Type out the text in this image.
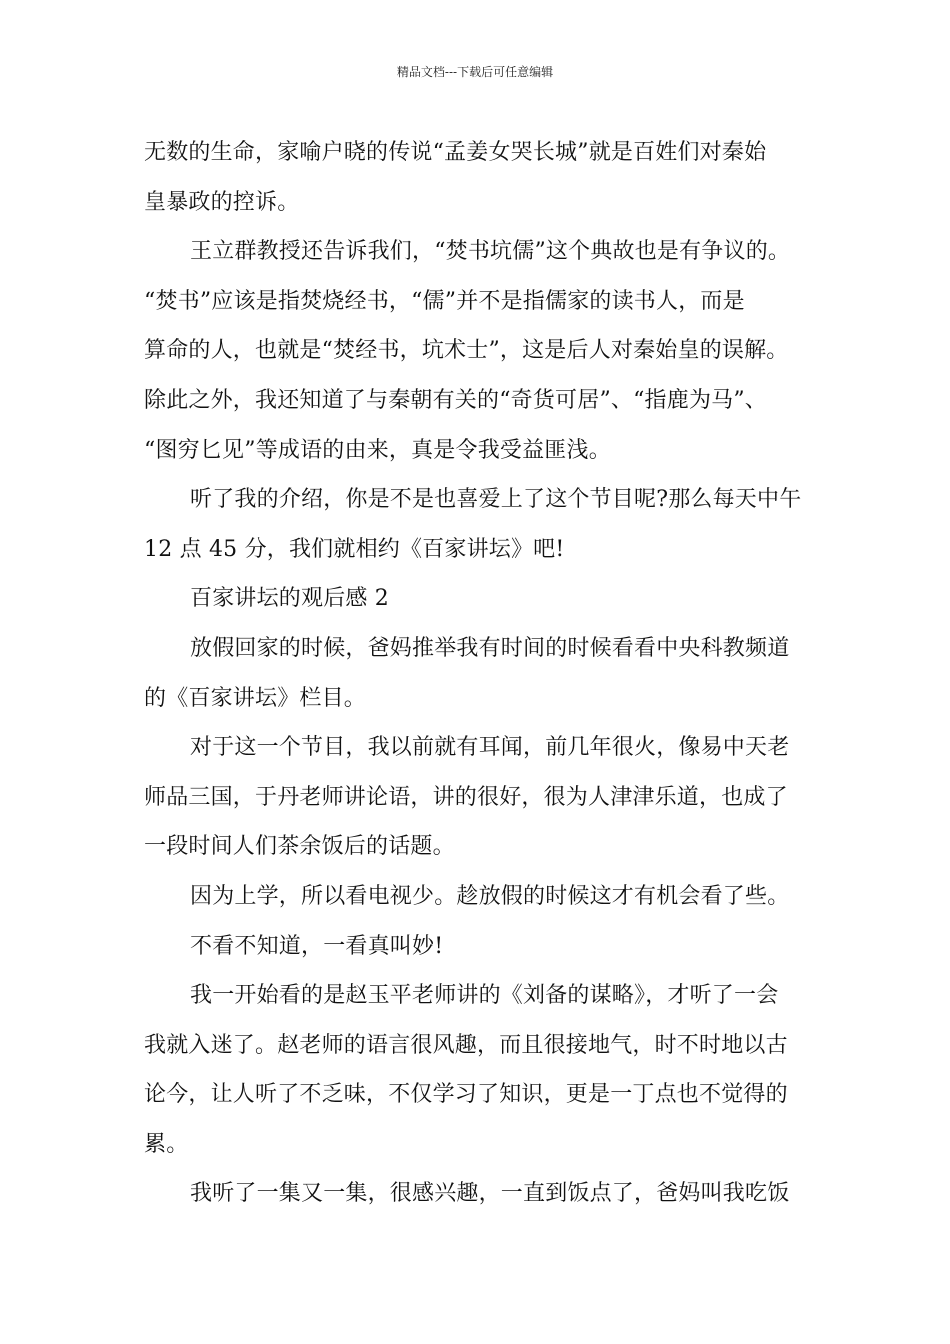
精品文档---下载后可任意编辑
无数的生命，家喻户晓的传说“孟姜女哭长城”就是百姓们对秦始
皇暴政的控诉。
王立群教授还告诉我们，“焚书坑儒”这个典故也是有争议的。
“焚书”应该是指焚烧经书，“儒”并不是指儒家的读书人，而是
算命的人，也就是“焚经书，坑术士”，这是后人对秦始皇的误解。
除此之外，我还知道了与秦朝有关的“奇货可居”、“指鹿为马”、
“图穷匕见”等成语的由来，真是令我受益匪浅。
听了我的介绍，你是不是也喜爱上了这个节目呢?那么每天中午
12 点 45 分，我们就相约《百家讲坛》吧!
百家讲坛的观后感 2
放假回家的时候，爸妈推举我有时间的时候看看中央科教频道
的《百家讲坛》栏目。
对于这一个节目，我以前就有耳闻，前几年很火，像易中天老
师品三国，于丹老师讲论语，讲的很好，很为人津津乐道，也成了
一段时间人们茶余饭后的话题。
因为上学，所以看电视少。趁放假的时候这才有机会看了些。
不看不知道，一看真叫妙!
我一开始看的是赵玉平老师讲的《刘备的谋略》，才听了一会
我就入迷了。赵老师的语言很风趣，而且很接地气，时不时地以古
论今，让人听了不乏味，不仅学习了知识，更是一丁点也不觉得的
累。
我听了一集又一集，很感兴趣，一直到饭点了，爸妈叫我吃饭
